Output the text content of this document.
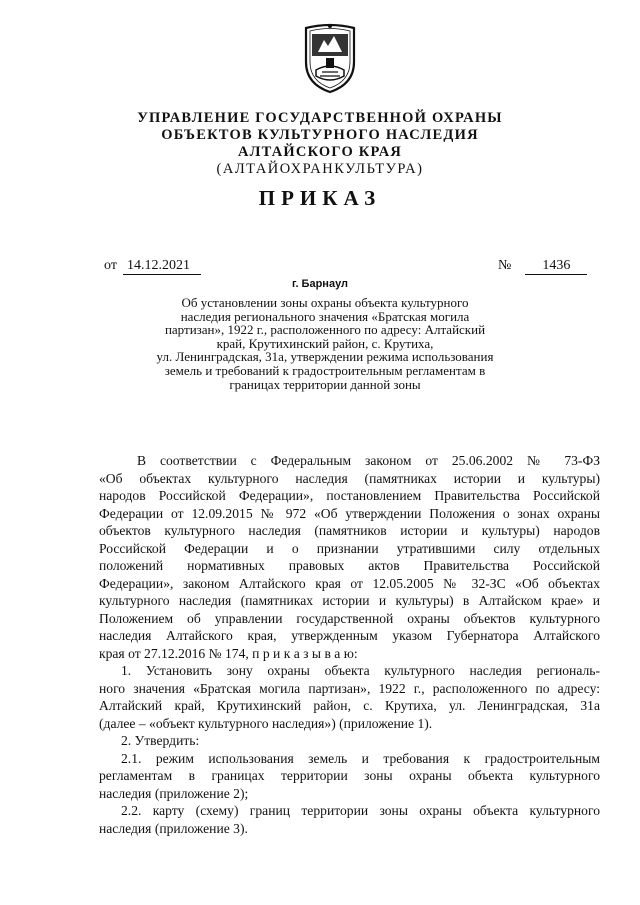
УПРАВЛЕНИЕ ГОСУДАРСТВЕННОЙ ОХРАНЫ
ОБЪЕКТОВ КУЛЬТУРНОГО НАСЛЕДИЯ
АЛТАЙСКОГО КРАЯ
(АЛТАЙОХРАНКУЛЬТУРА)
ПРИКАЗ
от 14.12.2021	№ 1436
г. Барнаул
Об установлении зоны охраны объекта культурного
наследия регионального значения «Братская могила
партизан», 1922 г., расположенного по адресу: Алтайский
край, Крутихинский район, с. Крутиха,
ул. Ленинградская, 31а, утверждении режима использования
земель и требований к градостроительным регламентам в
границах территории данной зоны
В соответствии с Федеральным законом от 25.06.2002 № 73-ФЗ
«Об объектах культурного наследия (памятниках истории и культуры)
народов Российской Федерации», постановлением Правительства Российской
Федерации от 12.09.2015 № 972 «Об утверждении Положения о зонах охраны
объектов культурного наследия (памятников истории и культуры) народов
Российской Федерации и о признании утратившими силу отдельных
положений нормативных правовых актов Правительства Российской
Федерации», законом Алтайского края от 12.05.2005 № 32-ЗС «Об объектах
культурного наследия (памятниках истории и культуры) в Алтайском крае» и
Положением об управлении государственной охраны объектов культурного
наследия Алтайского края, утвержденным указом Губернатора Алтайского
края от 27.12.2016 № 174, п р и к а з ы в а ю:
1. Установить зону охраны объекта культурного наследия региональ-
ного значения «Братская могила партизан», 1922 г., расположенного по адресу:
Алтайский край, Крутихинский район, с. Крутиха, ул. Ленинградская, 31а
(далее – «объект культурного наследия») (приложение 1).
2. Утвердить:
2.1. режим использования земель и требования к градостроительным
регламентам в границах территории зоны охраны объекта культурного
наследия (приложение 2);
2.2. карту (схему) границ территории зоны охраны объекта культурного
наследия (приложение 3).
